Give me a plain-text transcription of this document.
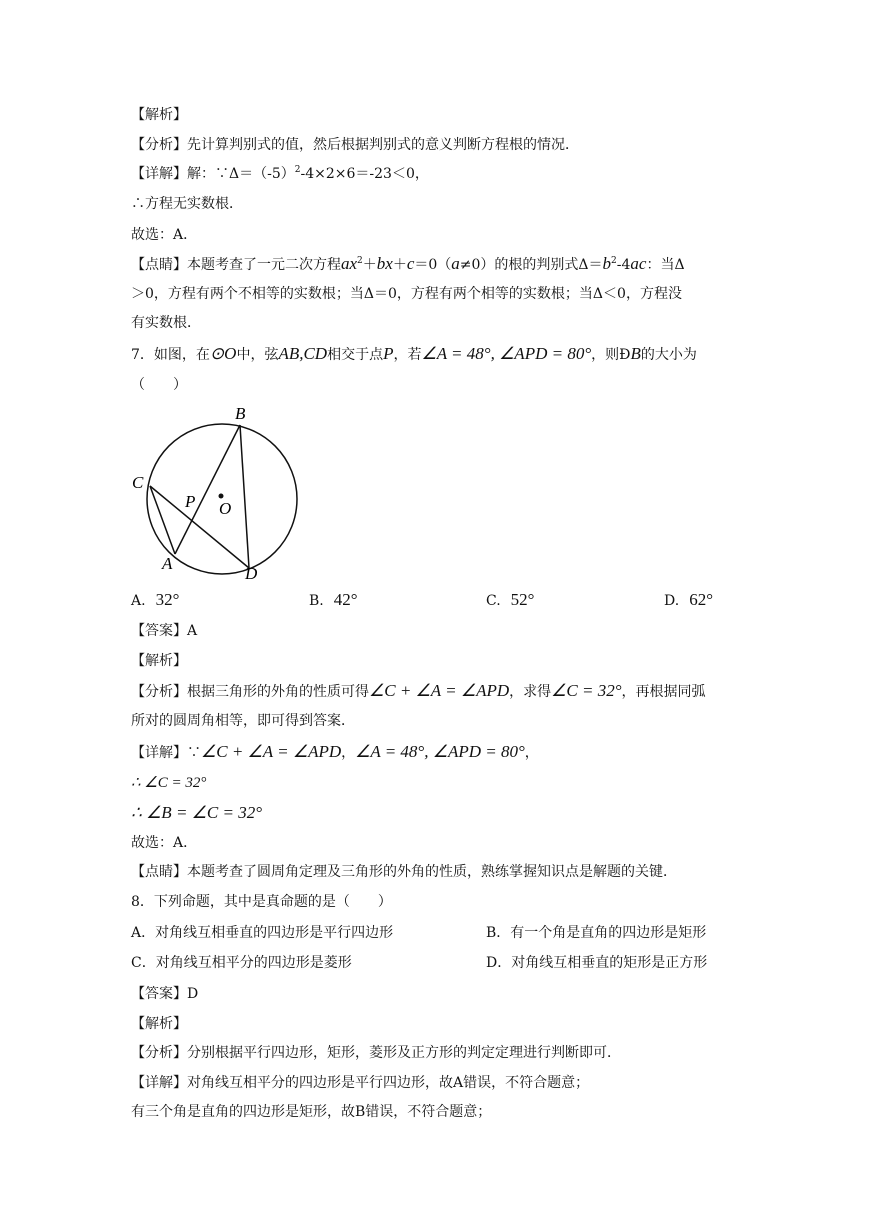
【解析】
【分析】先计算判别式的值，然后根据判别式的意义判断方程根的情况．
【详解】解：$\because\Delta=(-5)^2-4\times 2\times 6=-23<0$，
∴方程无实数根．
故选：A．
【点睛】本题考查了一元二次方程$ax^2+bx+c=0(a\ne 0)$的根的判别式$\Delta=b^2-4ac$：当Δ
＞0，方程有两个不相等的实数根；当Δ＝0，方程有两个相等的实数根；当Δ＜0，方程没
有实数根．
7．如图，在⊙O中，弦AB,CD相交于点P，若∠A = 48°, ∠APD = 80°，则ÐB的大小为
（　　）
B
C
P O
A
D
A. 32°	B. 42°	C. 52°	D. 62°
【答案】A
【解析】
【分析】根据三角形的外角的性质可得∠C + ∠A = ∠APD，求得∠C = 32°，再根据同弧
所对的圆周角相等，即可得到答案．
【详解】∵∠C + ∠A = ∠APD，∠A = 48°, ∠APD = 80°，
∴ ∠C = 32°
∴ ∠B = ∠C = 32°
故选：A．
【点睛】本题考查了圆周角定理及三角形的外角的性质，熟练掌握知识点是解题的关键．
8．下列命题，其中是真命题的是（　　）
A．对角线互相垂直的四边形是平行四边形	B．有一个角是直角的四边形是矩形
C．对角线互相平分的四边形是菱形	D．对角线互相垂直的矩形是正方形
【答案】D
【解析】
【分析】分别根据平行四边形，矩形，菱形及正方形的判定定理进行判断即可．
【详解】对角线互相平分的四边形是平行四边形，故A错误，不符合题意；
有三个角是直角的四边形是矩形，故B错误，不符合题意；
